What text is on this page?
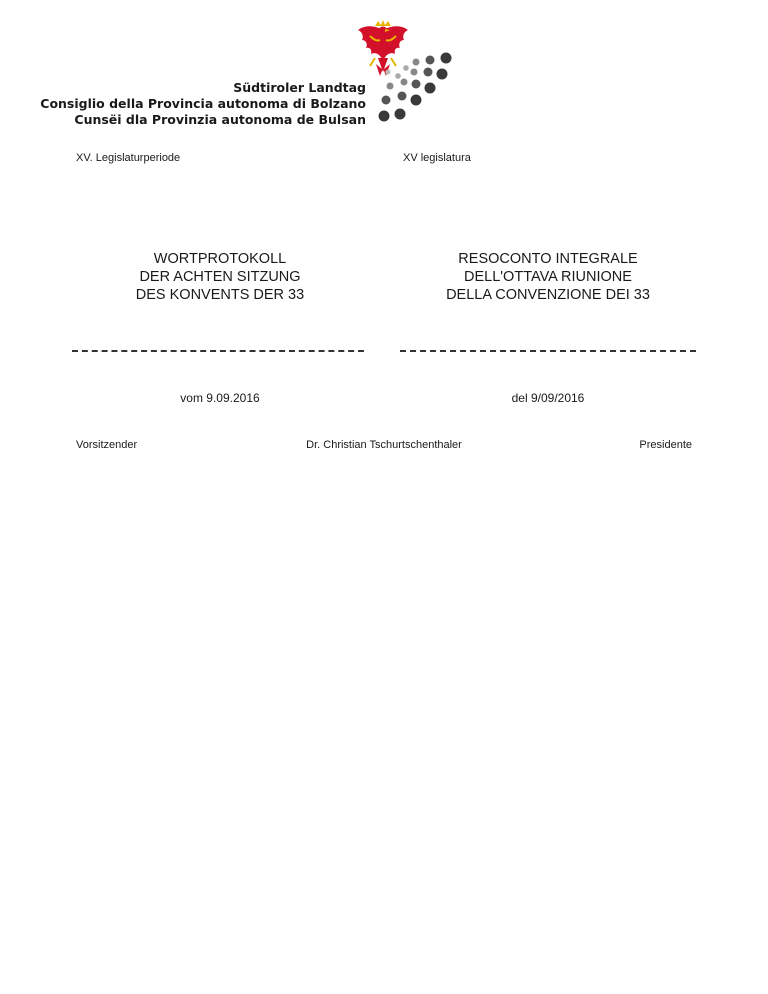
Südtiroler Landtag
Consiglio della Provincia autonoma di Bolzano
Cunsëi dla Provinzia autonoma de Bulsan
XV. Legislaturperiode	XV legislatura
WORTPROTOKOLL
DER ACHTEN SITZUNG
DES KONVENTS DER 33
RESOCONTO INTEGRALE
DELL'OTTAVA RIUNIONE
DELLA CONVENZIONE DEI 33
vom 9.09.2016	del 9/09/2016
Vorsitzender	Dr. Christian Tschurtschenthaler	Presidente
